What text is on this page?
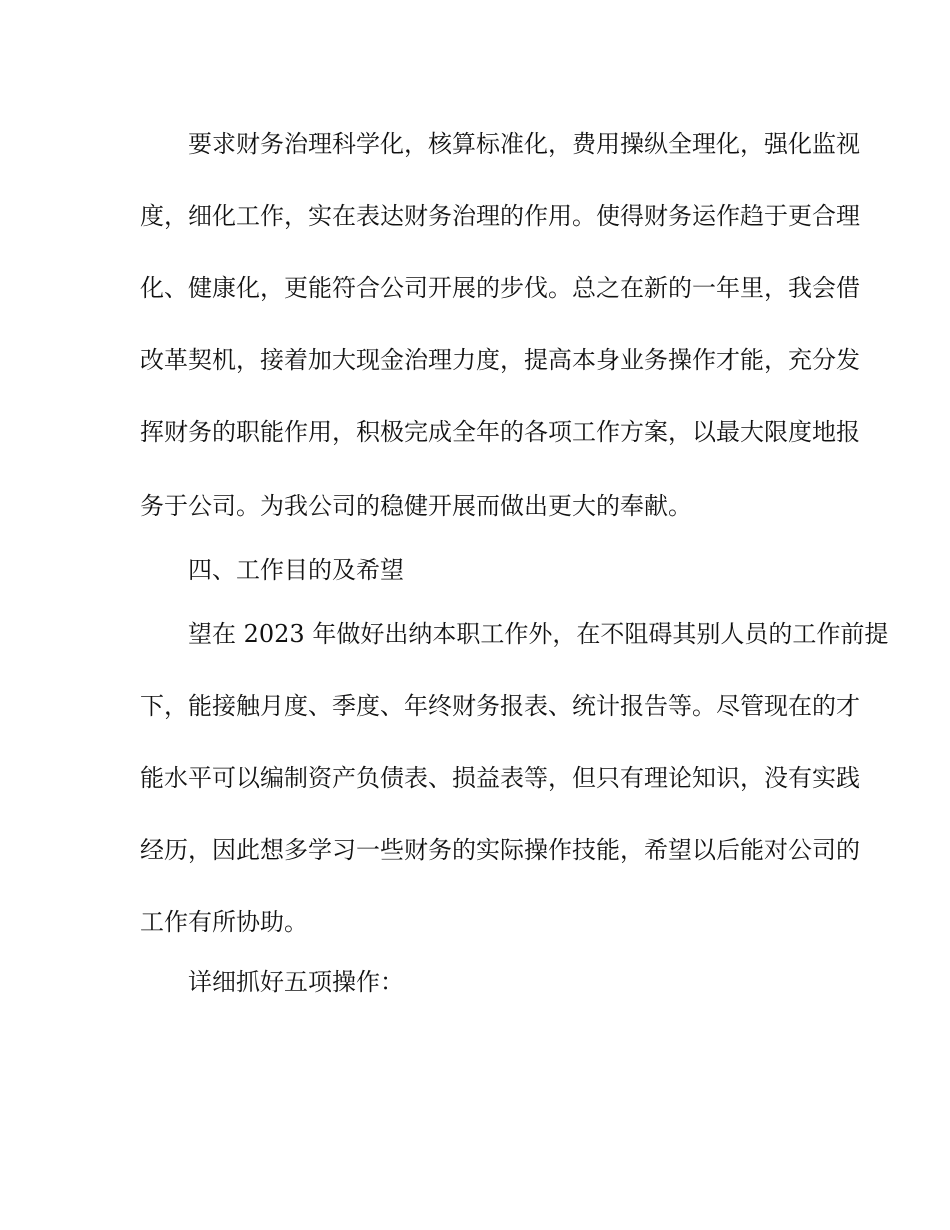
要求财务治理科学化，核算标准化，费用操纵全理化，强化监视
度，细化工作，实在表达财务治理的作用。使得财务运作趋于更合理
化、健康化，更能符合公司开展的步伐。总之在新的一年里，我会借
改革契机，接着加大现金治理力度，提高本身业务操作才能，充分发
挥财务的职能作用，积极完成全年的各项工作方案，以最大限度地报
务于公司。为我公司的稳健开展而做出更大的奉献。
四、工作目的及希望
望在 2023 年做好出纳本职工作外，在不阻碍其别人员的工作前提
下，能接触月度、季度、年终财务报表、统计报告等。尽管现在的才
能水平可以编制资产负债表、损益表等，但只有理论知识，没有实践
经历，因此想多学习一些财务的实际操作技能，希望以后能对公司的
工作有所协助。
详细抓好五项操作：
